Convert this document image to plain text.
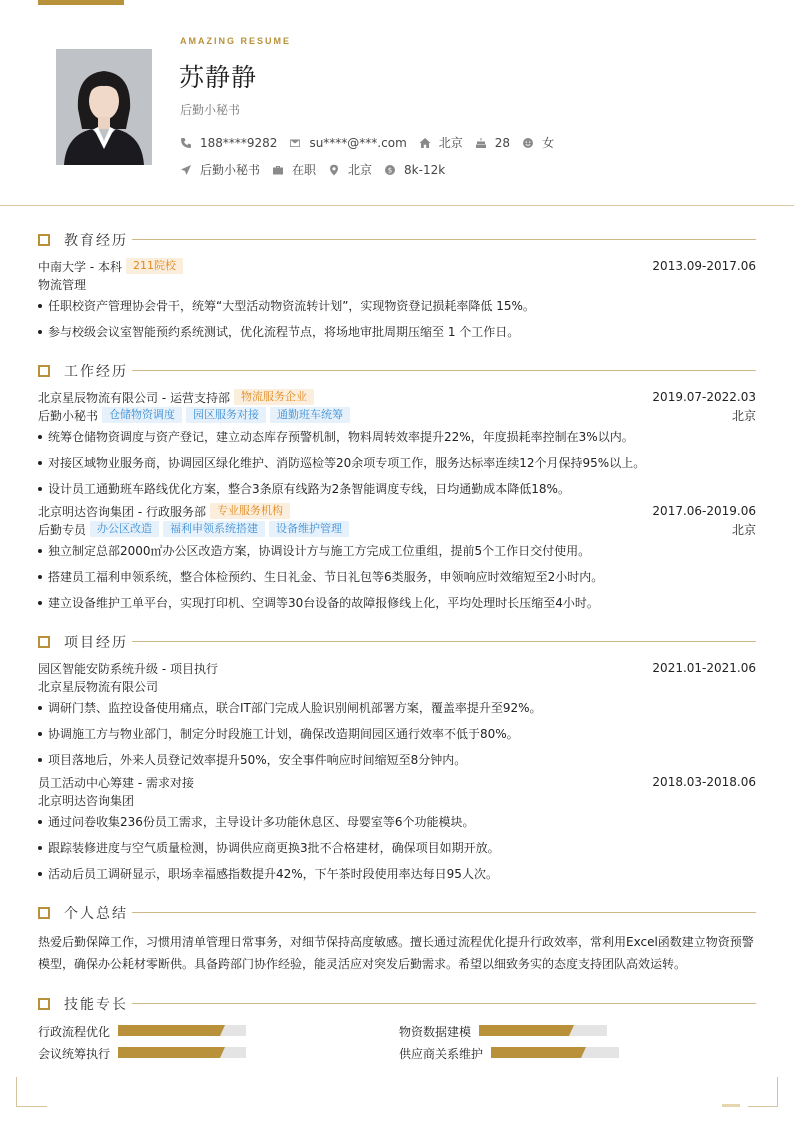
AMAZING RESUME
苏静静
后勤小秘书
188****9282	su****@***.com	北京	28	女
后勤小秘书	在职	北京 $ 8k-12k
教育经历
中南大学 - 本科	211院校	2013.09-2017.06
物流管理
任职校资产管理协会骨干，统筹“大型活动物资流转计划”，实现物资登记损耗率降低 15%。
参与校级会议室智能预约系统测试，优化流程节点，将场地审批周期压缩至 1 个工作日。
工作经历
北京星辰物流有限公司 - 运营支持部	物流服务企业	2019.07-2022.03
后勤小秘书	仓储物资调度	园区服务对接	通勤班车统筹	北京
统筹仓储物资调度与资产登记，建立动态库存预警机制，物料周转效率提升22%，年度损耗率控制在3%以内。
对接区域物业服务商，协调园区绿化维护、消防巡检等20余项专项工作，服务达标率连续12个月保持95%以上。
设计员工通勤班车路线优化方案，整合3条原有线路为2条智能调度专线，日均通勤成本降低18%。
北京明达咨询集团 - 行政服务部	专业服务机构	2017.06-2019.06
后勤专员	办公区改造	福利申领系统搭建	设备维护管理	北京
独立制定总部2000㎡办公区改造方案，协调设计方与施工方完成工位重组，提前5个工作日交付使用。
搭建员工福利申领系统，整合体检预约、生日礼金、节日礼包等6类服务，申领响应时效缩短至2小时内。
建立设备维护工单平台，实现打印机、空调等30台设备的故障报修线上化，平均处理时长压缩至4小时。
项目经历
园区智能安防系统升级 - 项目执行	2021.01-2021.06
北京星辰物流有限公司
调研门禁、监控设备使用痛点，联合IT部门完成人脸识别闸机部署方案，覆盖率提升至92%。
协调施工方与物业部门，制定分时段施工计划，确保改造期间园区通行效率不低于80%。
项目落地后，外来人员登记效率提升50%，安全事件响应时间缩短至8分钟内。
员工活动中心筹建 - 需求对接	2018.03-2018.06
北京明达咨询集团
通过问卷收集236份员工需求，主导设计多功能休息区、母婴室等6个功能模块。
跟踪装修进度与空气质量检测，协调供应商更换3批不合格建材，确保项目如期开放。
活动后员工调研显示，职场幸福感指数提升42%，下午茶时段使用率达每日95人次。
个人总结
热爱后勤保障工作，习惯用清单管理日常事务，对细节保持高度敏感。擅长通过流程优化提升行政效率，常利用Excel函数建立物资预警模型，确保办公耗材零断供。具备跨部门协作经验，能灵活应对突发后勤需求。希望以细致务实的态度支持团队高效运转。
技能专长
行政流程优化	物资数据建模
会议统筹执行	供应商关系维护
